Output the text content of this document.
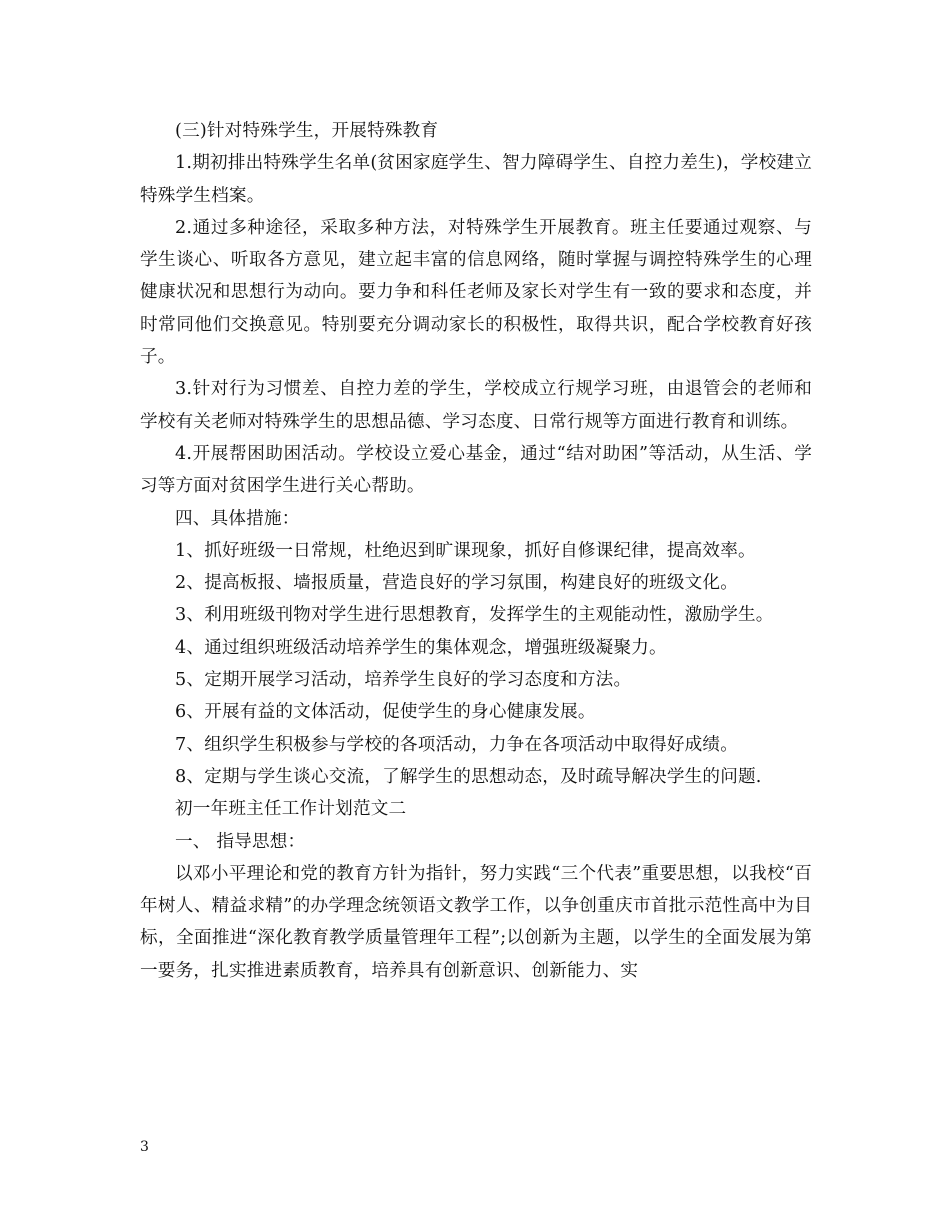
(三)针对特殊学生，开展特殊教育

1.期初排出特殊学生名单(贫困家庭学生、智力障碍学生、自控力差生)，学校建立特殊学生档案。

2.通过多种途径，采取多种方法，对特殊学生开展教育。班主任要通过观察、与学生谈心、听取各方意见，建立起丰富的信息网络，随时掌握与调控特殊学生的心理健康状况和思想行为动向。要力争和科任老师及家长对学生有一致的要求和态度，并时常同他们交换意见。特别要充分调动家长的积极性，取得共识，配合学校教育好孩子。

3.针对行为习惯差、自控力差的学生，学校成立行规学习班，由退管会的老师和学校有关老师对特殊学生的思想品德、学习态度、日常行规等方面进行教育和训练。

4.开展帮困助困活动。学校设立爱心基金，通过“结对助困”等活动，从生活、学习等方面对贫困学生进行关心帮助。

四、具体措施：

1、抓好班级一日常规，杜绝迟到旷课现象，抓好自修课纪律，提高效率。

2、提高板报、墙报质量，营造良好的学习氛围，构建良好的班级文化。

3、利用班级刊物对学生进行思想教育，发挥学生的主观能动性，激励学生。

4、通过组织班级活动培养学生的集体观念，增强班级凝聚力。

5、定期开展学习活动，培养学生良好的学习态度和方法。

6、开展有益的文体活动，促使学生的身心健康发展。

7、组织学生积极参与学校的各项活动，力争在各项活动中取得好成绩。

8、定期与学生谈心交流，了解学生的思想动态，及时疏导解决学生的问题.

初一年班主任工作计划范文二

一、 指导思想：

以邓小平理论和党的教育方针为指针，努力实践“三个代表”重要思想，以我校“百年树人、精益求精”的办学理念统领语文教学工作，以争创重庆市首批示范性高中为目标，全面推进“深化教育教学质量管理年工程”;以创新为主题，以学生的全面发展为第一要务，扎实推进素质教育，培养具有创新意识、创新能力、实

3
